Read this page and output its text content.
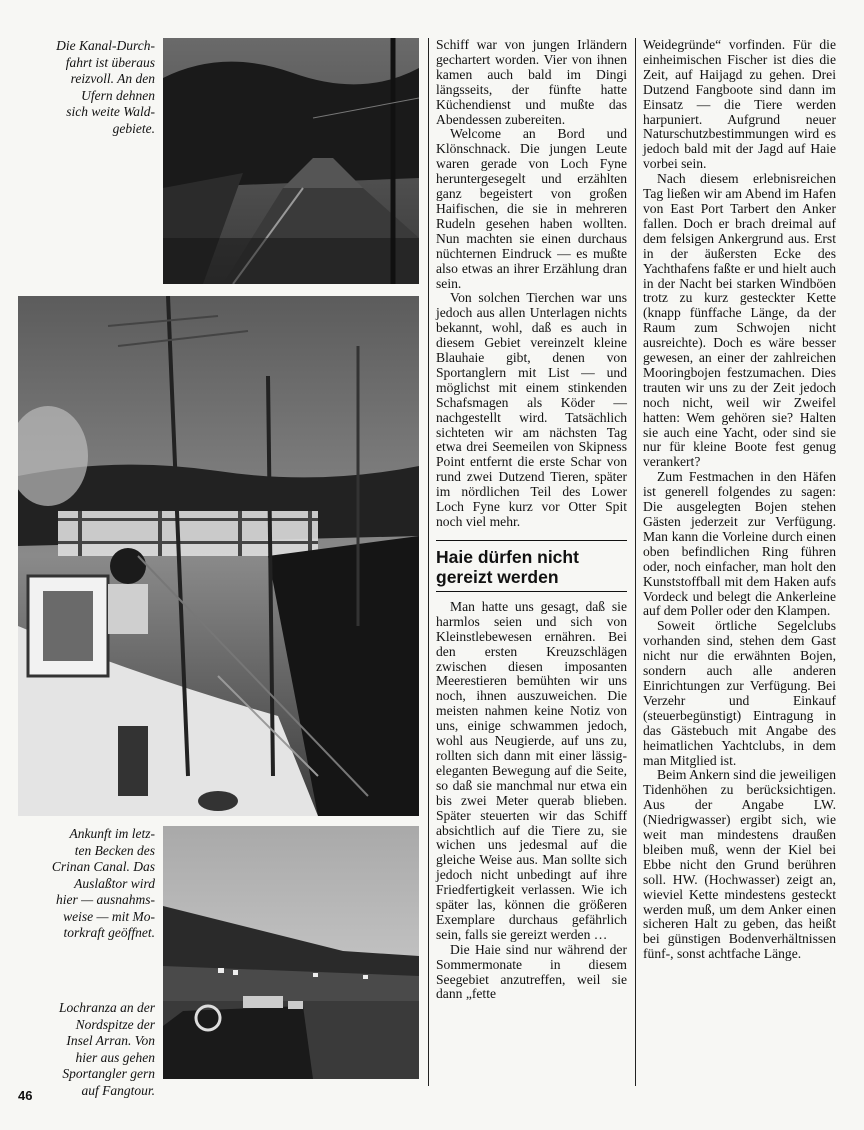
Die Kanal-Durch-

fahrt ist überaus

reizvoll. An den

Ufern dehnen

sich weite Wald-

gebiete.

Ankunft im letz-

ten Becken des

Crinan Canal. Das

Auslaßtor wird

hier — ausnahms-

weise — mit Mo-

torkraft geöffnet.

Lochranza an der

Nordspitze der

Insel Arran. Von

hier aus gehen

Sportangler gern

auf Fangtour.

Schiff war von jungen Irländern gechartert worden. Vier von ihnen kamen auch bald im Dingi längsseits, der fünfte hatte Küchendienst und mußte das Abendessen zubereiten.

Welcome an Bord und Klönschnack. Die jungen Leute waren gerade von Loch Fyne heruntergesegelt und erzählten ganz begeistert von großen Haifischen, die sie in mehreren Rudeln gesehen haben wollten. Nun machten sie einen durchaus nüchternen Eindruck — es mußte also etwas an ihrer Erzählung dran sein.

Von solchen Tierchen war uns jedoch aus allen Unterlagen nichts bekannt, wohl, daß es auch in diesem Gebiet vereinzelt kleine Blauhaie gibt, denen von Sportanglern mit List — und möglichst mit einem stinkenden Schafsmagen als Köder — nachgestellt wird. Tatsächlich sichteten wir am nächsten Tag etwa drei Seemeilen von Skipness Point entfernt die erste Schar von rund zwei Dutzend Tieren, später im nördlichen Teil des Lower Loch Fyne kurz vor Otter Spit noch viel mehr.

Haie dürfen nicht
gereizt werden

Man hatte uns gesagt, daß sie harmlos seien und sich von Kleinstlebewesen ernähren. Bei den ersten Kreuzschlägen zwischen diesen imposanten Meerestieren bemühten wir uns noch, ihnen auszuweichen. Die meisten nahmen keine Notiz von uns, einige schwammen jedoch, wohl aus Neugierde, auf uns zu, rollten sich dann mit einer lässig-eleganten Bewegung auf die Seite, so daß sie manchmal nur etwa ein bis zwei Meter querab blieben. Später steuerten wir das Schiff absichtlich auf die Tiere zu, sie wichen uns jedesmal auf die gleiche Weise aus. Man sollte sich jedoch nicht unbedingt auf ihre Friedfertigkeit verlassen. Wie ich später las, können die größeren Exemplare durchaus gefährlich sein, falls sie gereizt werden …

Die Haie sind nur während der Sommermonate in diesem Seegebiet anzutreffen, weil sie dann „fette

Weidegründe“ vorfinden. Für die einheimischen Fischer ist dies die Zeit, auf Haijagd zu gehen. Drei Dutzend Fangboote sind dann im Einsatz — die Tiere werden harpuniert. Aufgrund neuer Naturschutzbestimmungen wird es jedoch bald mit der Jagd auf Haie vorbei sein.

Nach diesem erlebnisreichen Tag ließen wir am Abend im Hafen von East Port Tarbert den Anker fallen. Doch er brach dreimal auf dem felsigen Ankergrund aus. Erst in der äußersten Ecke des Yachthafens faßte er und hielt auch in der Nacht bei starken Windböen trotz zu kurz gesteckter Kette (knapp fünffache Länge, da der Raum zum Schwojen nicht ausreichte). Doch es wäre besser gewesen, an einer der zahlreichen Mooringbojen festzumachen. Dies trauten wir uns zu der Zeit jedoch noch nicht, weil wir Zweifel hatten: Wem gehören sie? Halten sie auch eine Yacht, oder sind sie nur für kleine Boote fest genug verankert?

Zum Festmachen in den Häfen ist generell folgendes zu sagen: Die ausgelegten Bojen stehen Gästen jederzeit zur Verfügung. Man kann die Vorleine durch einen oben befindlichen Ring führen oder, noch einfacher, man holt den Kunststoffball mit dem Haken aufs Vordeck und belegt die Ankerleine auf dem Poller oder den Klampen.

Soweit örtliche Segelclubs vorhanden sind, stehen dem Gast nicht nur die erwähnten Bojen, sondern auch alle anderen Einrichtungen zur Verfügung. Bei Verzehr und Einkauf (steuerbegünstigt) Eintragung in das Gästebuch mit Angabe des heimatlichen Yachtclubs, in dem man Mitglied ist.

Beim Ankern sind die jeweiligen Tidenhöhen zu berücksichtigen. Aus der Angabe LW. (Niedrigwasser) ergibt sich, wie weit man mindestens draußen bleiben muß, wenn der Kiel bei Ebbe nicht den Grund berühren soll. HW. (Hochwasser) zeigt an, wieviel Kette mindestens gesteckt werden muß, um dem Anker einen sicheren Halt zu geben, das heißt bei günstigen Bodenverhältnissen fünf-, sonst achtfache Länge.

46
